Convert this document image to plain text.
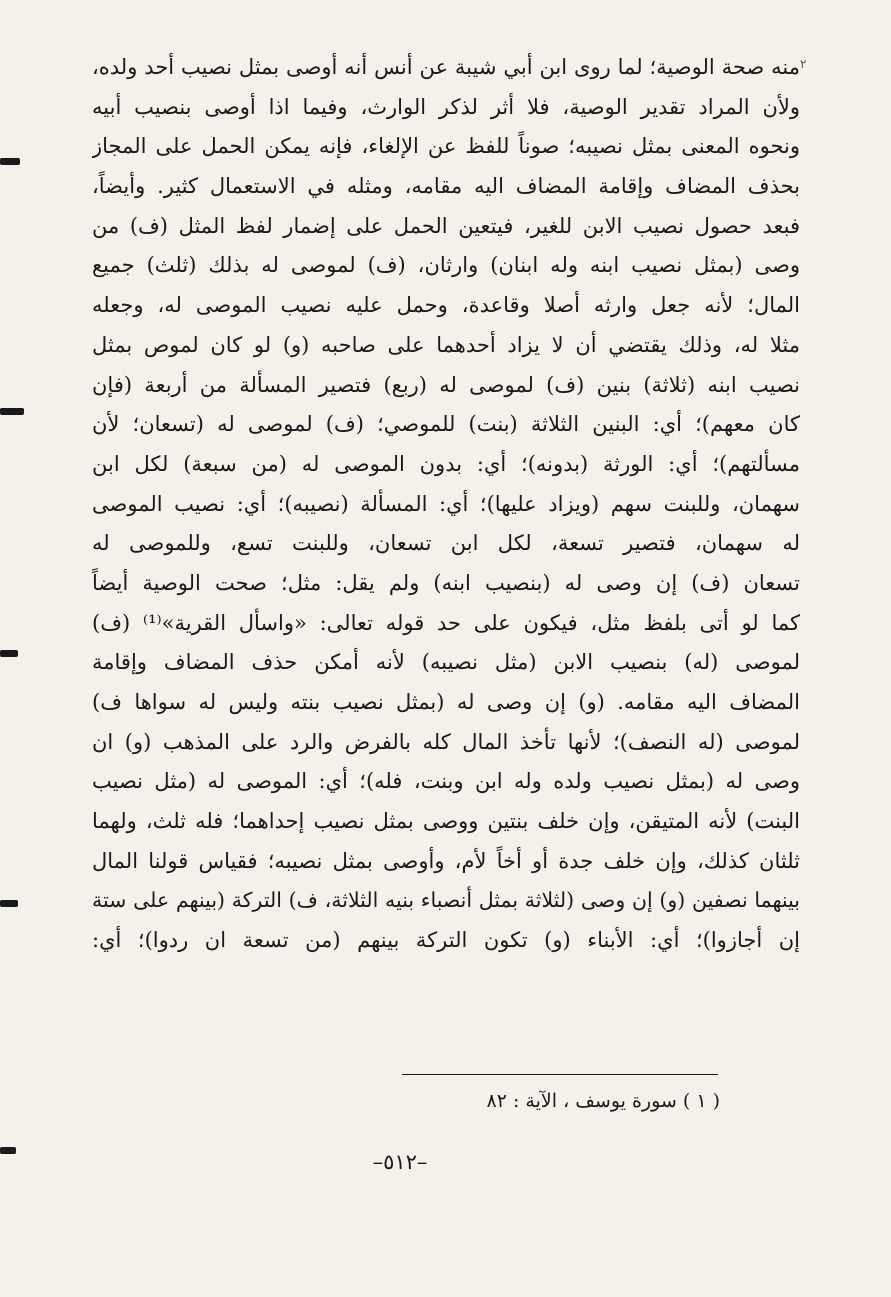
٢
منه صحة الوصية؛ لما روى ابن أبي شيبة عن أنس أنه أوصى بمثل نصيب أحد ولده،
ولأن المراد تقدير الوصية، فلا أثر لذكر الوارث، وفيما اذا أوصى بنصيب أبيه
ونحوه المعنى بمثل نصيبه؛ صوناً للفظ عن الإلغاء، فإنه يمكن الحمل على المجاز
بحذف المضاف وإقامة المضاف اليه مقامه، ومثله في الاستعمال كثير. وأيضاً،
فبعد حصول نصيب الابن للغير، فيتعين الحمل على إضمار لفظ المثل (ف) من
وصى (بمثل نصيب ابنه وله ابنان) وارثان، (ف) لموصى له بذلك (ثلث) جميع
المال؛ لأنه جعل وارثه أصلا وقاعدة، وحمل عليه نصيب الموصى له، وجعله
مثلا له، وذلك يقتضي أن لا يزاد أحدهما على صاحبه (و) لو كان لموص بمثل
نصيب ابنه (ثلاثة) بنين (ف) لموصى له (ربع) فتصير المسألة من أربعة (فإن
كان معهم)؛ أي: البنين الثلاثة (بنت) للموصي؛ (ف) لموصى له (تسعان؛ لأن
مسألتهم)؛ أي: الورثة (بدونه)؛ أي: بدون الموصى له (من سبعة) لكل ابن
سهمان، وللبنت سهم (ويزاد عليها)؛ أي: المسألة (نصيبه)؛ أي: نصيب الموصى
له سهمان، فتصير تسعة، لكل ابن تسعان، وللبنت تسع، وللموصى له
تسعان (ف) إن وصى له (بنصيب ابنه) ولم يقل: مثل؛ صحت الوصية أيضاً
كما لو أتى بلفظ مثل، فيكون على حد قوله تعالى: «واسأل القرية»⁽¹⁾ (ف)
لموصى (له) بنصيب الابن (مثل نصيبه) لأنه أمكن حذف المضاف وإقامة
المضاف اليه مقامه. (و) إن وصى له (بمثل نصيب بنته وليس له سواها ف)
لموصى (له النصف)؛ لأنها تأخذ المال كله بالفرض والرد على المذهب (و) ان
وصى له (بمثل نصيب ولده وله ابن وبنت، فله)؛ أي: الموصى له (مثل نصيب
البنت) لأنه المتيقن، وإن خلف بنتين ووصى بمثل نصيب إحداهما؛ فله ثلث، ولهما
ثلثان كذلك، وإن خلف جدة أو أخاً لأم، وأوصى بمثل نصيبه؛ فقياس قولنا المال
بينهما نصفين (و) إن وصى (لثلاثة بمثل أنصباء بنيه الثلاثة، ف) التركة (بينهم على ستة
إن أجازوا)؛ أي: الأبناء (و) تكون التركة بينهم (من تسعة ان ردوا)؛ أي:
( ١ ) سورة يوسف ، الآية : ٨٢
–٥١٢–
